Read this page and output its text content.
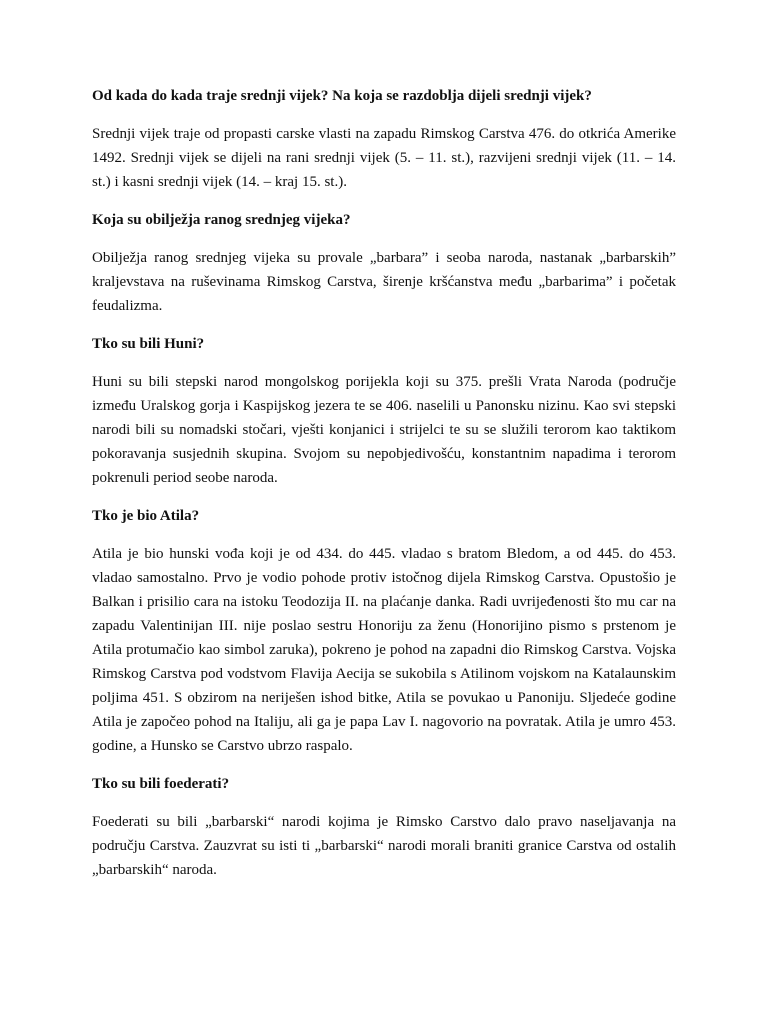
Od kada do kada traje srednji vijek? Na koja se razdoblja dijeli srednji vijek?

Srednji vijek traje od propasti carske vlasti na zapadu Rimskog Carstva 476. do otkrića Amerike 1492. Srednji vijek se dijeli na rani srednji vijek (5. – 11. st.), razvijeni srednji vijek (11. – 14. st.) i kasni srednji vijek (14. – kraj 15. st.).

Koja su obilježja ranog srednjeg vijeka?

Obilježja ranog srednjeg vijeka su provale „barbara” i seoba naroda, nastanak „barbarskih” kraljevstava na ruševinama Rimskog Carstva, širenje kršćanstva među „barbarima” i početak feudalizma.

Tko su bili Huni?

Huni su bili stepski narod mongolskog porijekla koji su 375. prešli Vrata Naroda (područje između Uralskog gorja i Kaspijskog jezera te se 406. naselili u Panonsku nizinu. Kao svi stepski narodi bili su nomadski stočari, vješti konjanici i strijelci te su se služili terorom kao taktikom pokoravanja susjednih skupina. Svojom su nepobjedivošću, konstantnim napadima i terorom pokrenuli period seobe naroda.

Tko je bio Atila?

Atila je bio hunski vođa koji je od 434. do 445. vladao s bratom Bledom, a od 445. do 453. vladao samostalno. Prvo je vodio pohode protiv istočnog dijela Rimskog Carstva. Opustošio je Balkan i prisilio cara na istoku Teodozija II. na plaćanje danka. Radi uvrijeđenosti što mu car na zapadu Valentinijan III. nije poslao sestru Honoriju za ženu (Honorijino pismo s prstenom je Atila protumačio kao simbol zaruka), pokreno je pohod na zapadni dio Rimskog Carstva. Vojska Rimskog Carstva pod vodstvom Flavija Aecija se sukobila s Atilinom vojskom na Katalaunskim poljima 451. S obzirom na neriješen ishod bitke, Atila se povukao u Panoniju. Sljedeće godine Atila je započeo pohod na Italiju, ali ga je papa Lav I. nagovorio na povratak. Atila je umro 453. godine, a Hunsko se Carstvo ubrzo raspalo.

Tko su bili foederati?

Foederati su bili „barbarski“ narodi kojima je Rimsko Carstvo dalo pravo naseljavanja na području Carstva. Zauzvrat su isti ti „barbarski“ narodi morali braniti granice Carstva od ostalih „barbarskih“ naroda.
